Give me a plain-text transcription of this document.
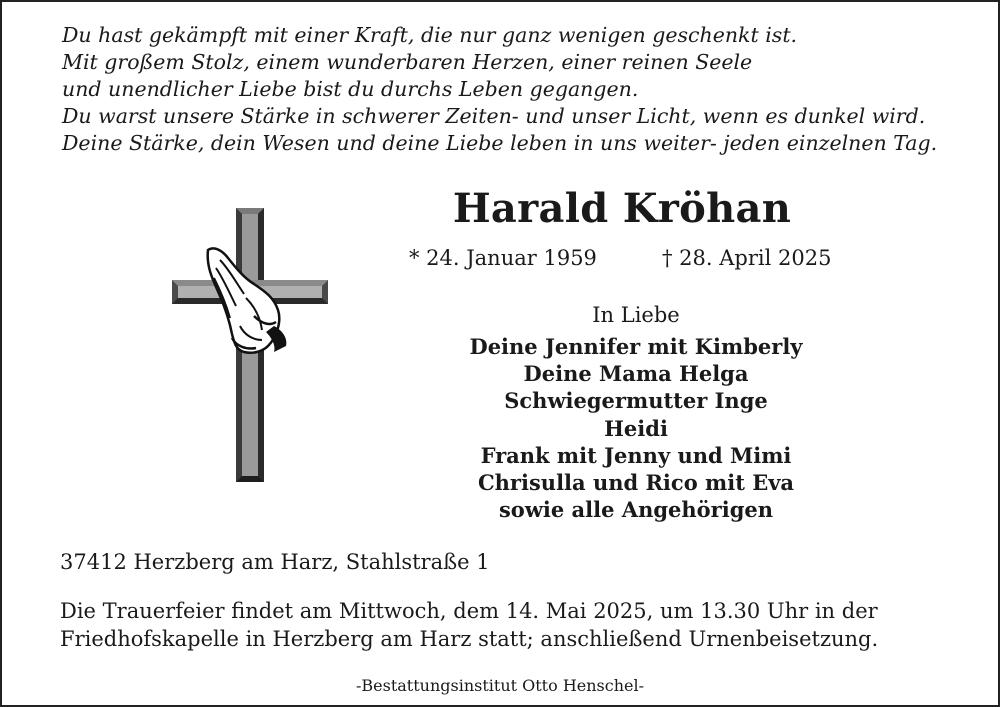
Du hast gekämpft mit einer Kraft, die nur ganz wenigen geschenkt ist.
Mit großem Stolz, einem wunderbaren Herzen, einer reinen Seele
und unendlicher Liebe bist du durchs Leben gegangen.
Du warst unsere Stärke in schwerer Zeiten- und unser Licht, wenn es dunkel wird.
Deine Stärke, dein Wesen und deine Liebe leben in uns weiter- jeden einzelnen Tag.
Harald Kröhan
* 24. Januar 1959	† 28. April 2025
In Liebe
Deine Jennifer mit Kimberly
Deine Mama Helga
Schwiegermutter Inge
Heidi
Frank mit Jenny und Mimi
Chrisulla und Rico mit Eva
sowie alle Angehörigen
37412 Herzberg am Harz, Stahlstraße 1
Die Trauerfeier findet am Mittwoch, dem 14. Mai 2025, um 13.30 Uhr in der
Friedhofskapelle in Herzberg am Harz statt; anschließend Urnenbeisetzung.
-Bestattungsinstitut Otto Henschel-
